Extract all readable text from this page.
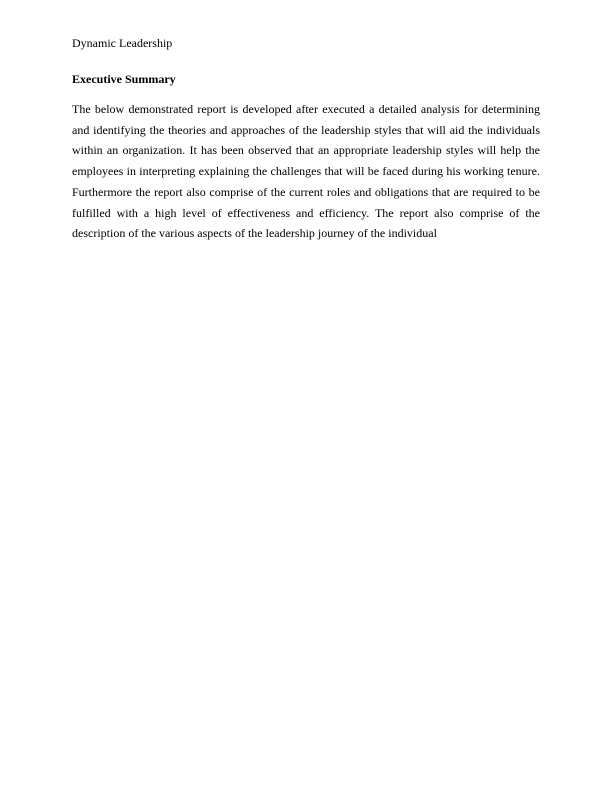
Dynamic Leadership
Executive Summary

The below demonstrated report is developed after executed a detailed analysis for determining and identifying the theories and approaches of the leadership styles that will aid the individuals within an organization. It has been observed that an appropriate leadership styles will help the employees in interpreting explaining the challenges that will be faced during his working tenure. Furthermore the report also comprise of the current roles and obligations that are required to be fulfilled with a high level of effectiveness and efficiency. The report also comprise of the description of the various aspects of the leadership journey of the individual
